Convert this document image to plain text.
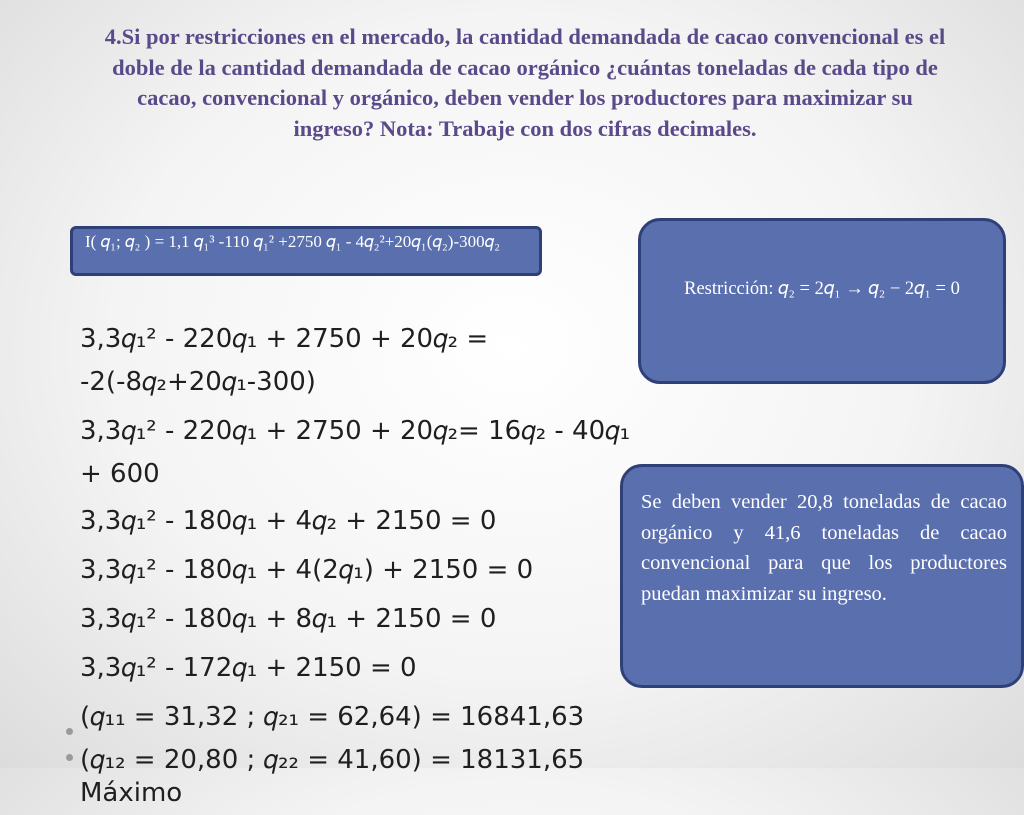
4.Si por restricciones en el mercado, la cantidad demandada de cacao convencional es el doble de la cantidad demandada de cacao orgánico ¿cuántas toneladas de cada tipo de cacao, convencional y orgánico, deben vender los productores para maximizar su ingreso? Nota: Trabaje con dos cifras decimales.
I( 𝑞₁; 𝑞₂ ) = 1,1 𝑞₁³ -110 𝑞₁² +2750 𝑞₁ - 4𝑞₂²+20𝑞₁(𝑞₂)-300𝑞₂
Restricción: 𝑞₂ = 2𝑞₁ → 𝑞₂ − 2𝑞₁ = 0
3,3𝑞₁² - 220𝑞₁ + 2750 + 20𝑞₂ = -2(-8𝑞₂+20𝑞₁-300)
3,3𝑞₁² - 220𝑞₁ + 2750 + 20𝑞₂= 16𝑞₂ - 40𝑞₁ + 600
3,3𝑞₁² - 180𝑞₁ + 4𝑞₂ + 2150 = 0
3,3𝑞₁² - 180𝑞₁ + 4(2𝑞₁) + 2150 = 0
3,3𝑞₁² - 180𝑞₁ + 8𝑞₁ + 2150 = 0
3,3𝑞₁² - 172𝑞₁ + 2150 = 0
(𝑞₁₁ = 31,32 ; 𝑞₂₁ = 62,64) = 16841,63
(𝑞₁₂ = 20,80 ; 𝑞₂₂ = 41,60) = 18131,65
Máximo
Se deben vender 20,8 toneladas de cacao orgánico y 41,6 toneladas de cacao convencional para que los productores puedan maximizar su ingreso.
